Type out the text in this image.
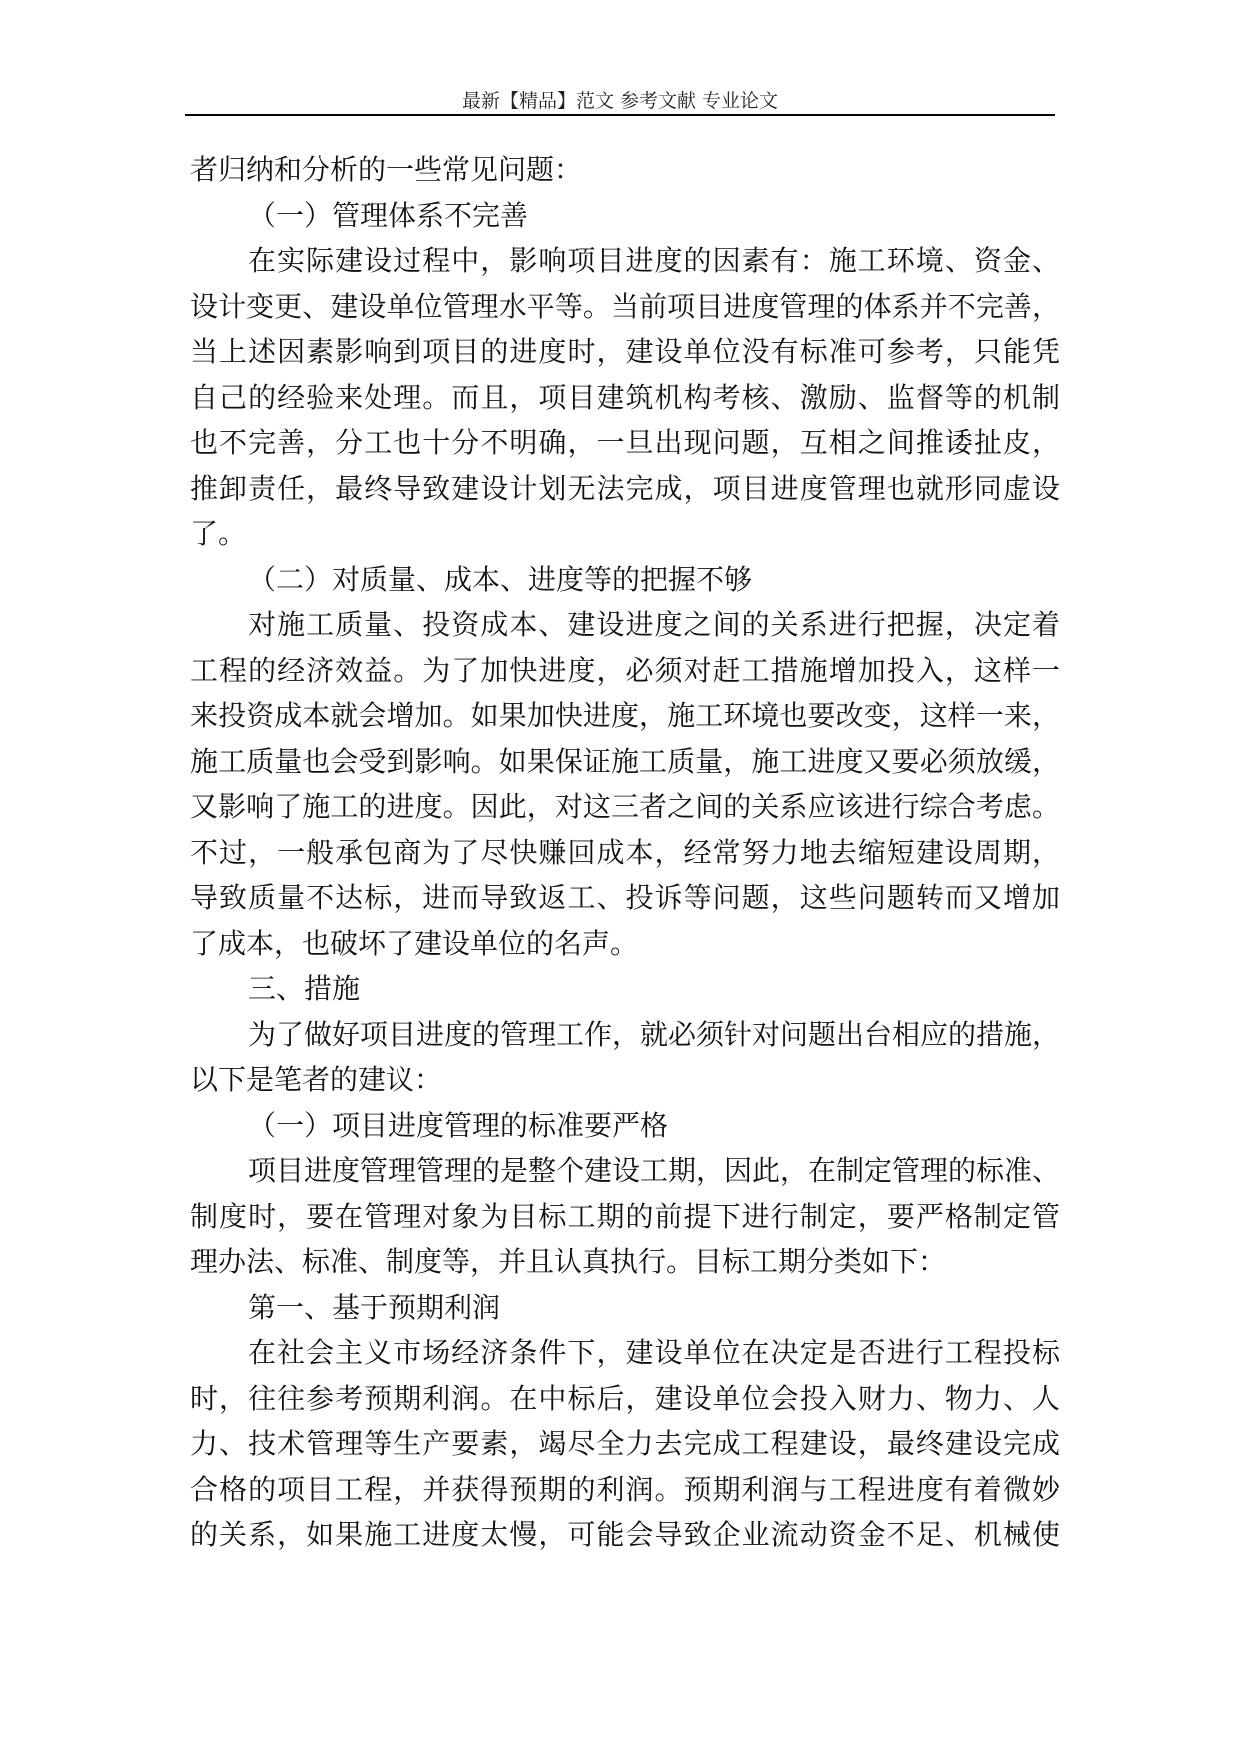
最新【精品】范文 参考文献 专业论文
者归纳和分析的一些常见问题：
（一）管理体系不完善
在实际建设过程中，影响项目进度的因素有：施工环境、资金、
设计变更、建设单位管理水平等。当前项目进度管理的体系并不完善，
当上述因素影响到项目的进度时，建设单位没有标准可参考，只能凭
自己的经验来处理。而且，项目建筑机构考核、激励、监督等的机制
也不完善，分工也十分不明确，一旦出现问题，互相之间推诿扯皮，
推卸责任，最终导致建设计划无法完成，项目进度管理也就形同虚设
了。
（二）对质量、成本、进度等的把握不够
对施工质量、投资成本、建设进度之间的关系进行把握，决定着
工程的经济效益。为了加快进度，必须对赶工措施增加投入，这样一
来投资成本就会增加。如果加快进度，施工环境也要改变，这样一来，
施工质量也会受到影响。如果保证施工质量，施工进度又要必须放缓，
又影响了施工的进度。因此，对这三者之间的关系应该进行综合考虑。
不过，一般承包商为了尽快赚回成本，经常努力地去缩短建设周期，
导致质量不达标，进而导致返工、投诉等问题，这些问题转而又增加
了成本，也破坏了建设单位的名声。
三、措施
为了做好项目进度的管理工作，就必须针对问题出台相应的措施，
以下是笔者的建议：
（一）项目进度管理的标准要严格
项目进度管理管理的是整个建设工期，因此，在制定管理的标准、
制度时，要在管理对象为目标工期的前提下进行制定，要严格制定管
理办法、标准、制度等，并且认真执行。目标工期分类如下：
第一、基于预期利润
在社会主义市场经济条件下，建设单位在决定是否进行工程投标
时，往往参考预期利润。在中标后，建设单位会投入财力、物力、人
力、技术管理等生产要素，竭尽全力去完成工程建设，最终建设完成
合格的项目工程，并获得预期的利润。预期利润与工程进度有着微妙
的关系，如果施工进度太慢，可能会导致企业流动资金不足、机械使
